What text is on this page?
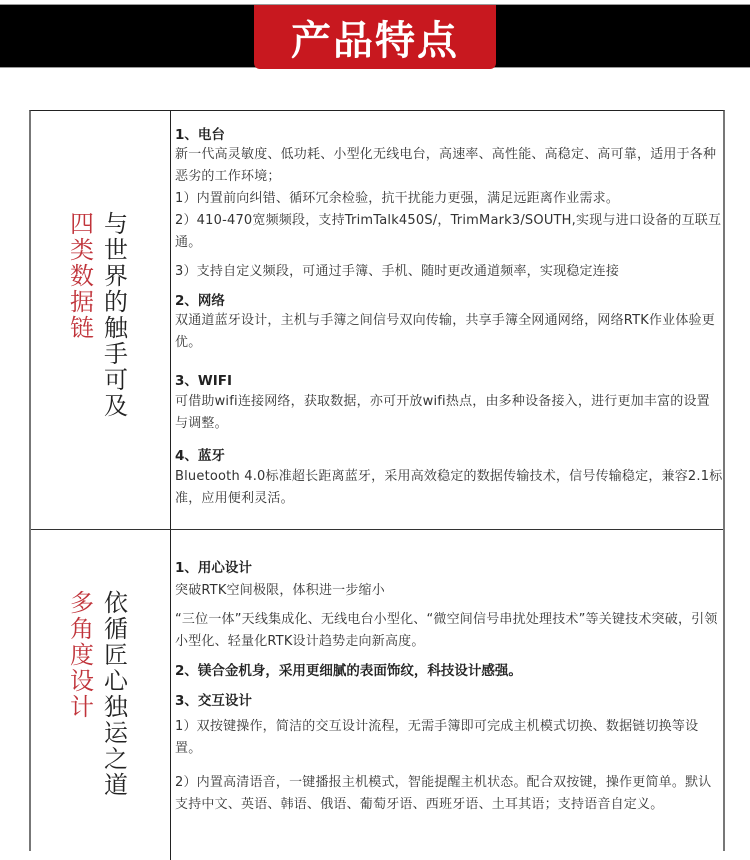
产品特点
四类数据链
与世界的触手可及
1、电台
新一代高灵敏度、低功耗、小型化无线电台，高速率、高性能、高稳定、高可靠，适用于各种恶劣的工作环境；
1）内置前向纠错、循环冗余检验，抗干扰能力更强，满足远距离作业需求。
2）410-470宽频频段，支持TrimTalk450S/，TrimMark3/SOUTH,实现与进口设备的互联互通。
3）支持自定义频段，可通过手簿、手机、随时更改通道频率，实现稳定连接
2、网络
双通道蓝牙设计，主机与手簿之间信号双向传输，共享手簿全网通网络，网络RTK作业体验更优。
3、WIFI
可借助wifi连接网络，获取数据，亦可开放wifi热点，由多种设备接入，进行更加丰富的设置与调整。
4、蓝牙
Bluetooth 4.0标准超长距离蓝牙，采用高效稳定的数据传输技术，信号传输稳定，兼容2.1标准，应用便利灵活。
多角度设计
依循匠心独运之道
1、用心设计
突破RTK空间极限，体积进一步缩小
“三位一体”天线集成化、无线电台小型化、“微空间信号串扰处理技术”等关键技术突破，引领小型化、轻量化RTK设计趋势走向新高度。
2、镁合金机身，采用更细腻的表面饰纹，科技设计感强。
3、交互设计
1）双按键操作，简洁的交互设计流程，无需手簿即可完成主机模式切换、数据链切换等设置。
2）内置高清语音，一键播报主机模式，智能提醒主机状态。配合双按键，操作更简单。默认支持中文、英语、韩语、俄语、葡萄牙语、西班牙语、土耳其语；支持语音自定义。
